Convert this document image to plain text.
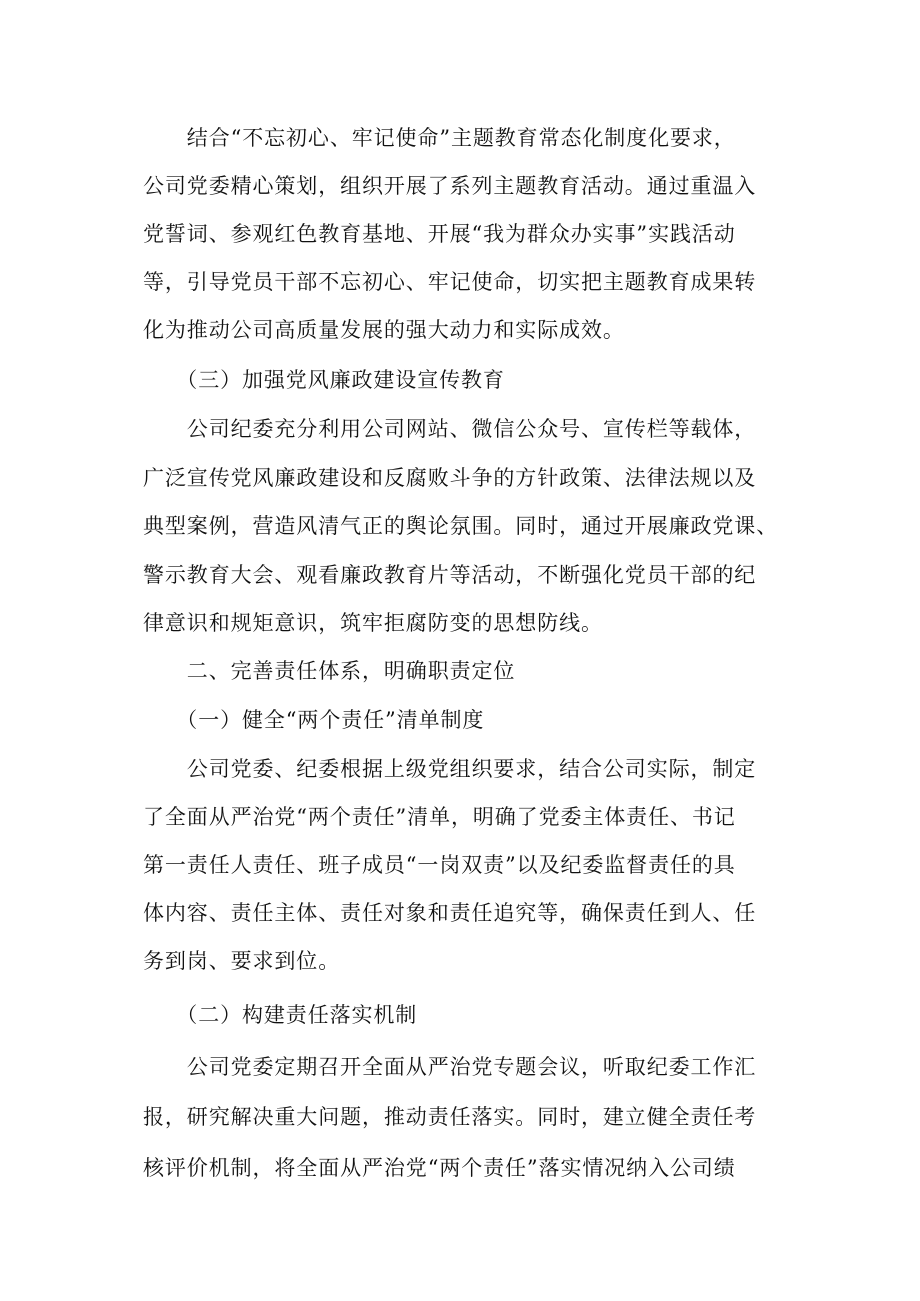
　　结合“不忘初心、牢记使命”主题教育常态化制度化要求，
公司党委精心策划，组织开展了系列主题教育活动。通过重温入
党誓词、参观红色教育基地、开展“我为群众办实事”实践活动
等，引导党员干部不忘初心、牢记使命，切实把主题教育成果转
化为推动公司高质量发展的强大动力和实际成效。
　　（三）加强党风廉政建设宣传教育
　　公司纪委充分利用公司网站、微信公众号、宣传栏等载体，
广泛宣传党风廉政建设和反腐败斗争的方针政策、法律法规以及
典型案例，营造风清气正的舆论氛围。同时，通过开展廉政党课、
警示教育大会、观看廉政教育片等活动，不断强化党员干部的纪
律意识和规矩意识，筑牢拒腐防变的思想防线。
　　二、完善责任体系，明确职责定位
　　（一）健全“两个责任”清单制度
　　公司党委、纪委根据上级党组织要求，结合公司实际，制定
了全面从严治党“两个责任”清单，明确了党委主体责任、书记
第一责任人责任、班子成员“一岗双责”以及纪委监督责任的具
体内容、责任主体、责任对象和责任追究等，确保责任到人、任
务到岗、要求到位。
　　（二）构建责任落实机制
　　公司党委定期召开全面从严治党专题会议，听取纪委工作汇
报，研究解决重大问题，推动责任落实。同时，建立健全责任考
核评价机制，将全面从严治党“两个责任”落实情况纳入公司绩
